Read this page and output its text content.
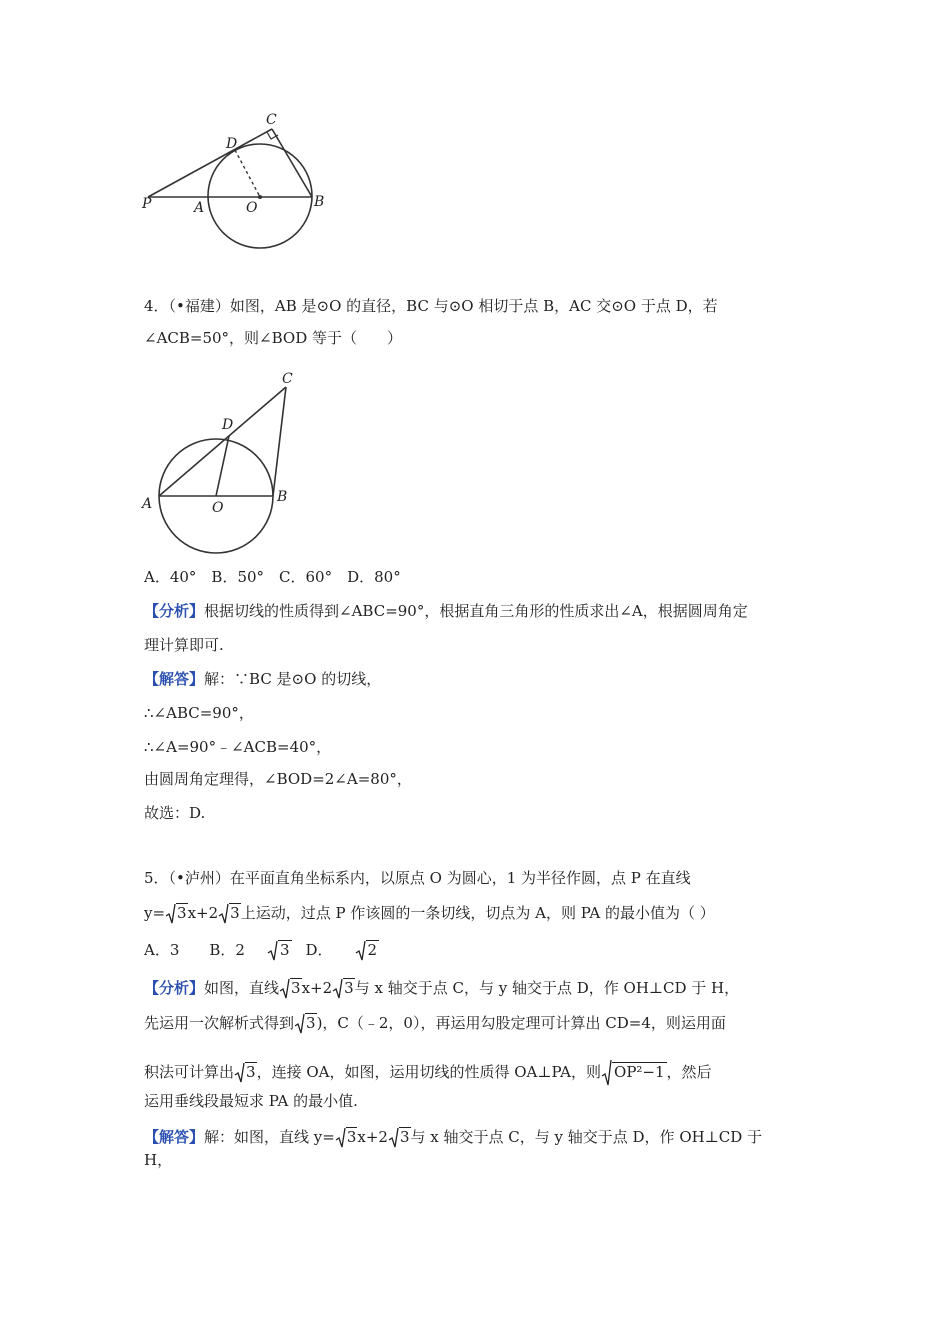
C
D
P	A	O	B
4．（•福建）如图，AB 是⊙O 的直径，BC 与⊙O 相切于点 B，AC 交⊙O 于点 D，若
∠ACB=50°，则∠BOD 等于（　　）
C
D
A	O
B
A．40°　B．50°　C．60°　D．80°
【分析】根据切线的性质得到∠ABC=90°，根据直角三角形的性质求出∠A，根据圆周角定
理计算即可.
【解答】解：∵BC 是⊙O 的切线，
∴∠ABC=90°，
∴∠A=90°﹣∠ACB=40°，
由圆周角定理得，∠BOD=2∠A=80°，
故选：D.
5．（•泸州）在平面直角坐标系内，以原点 O 为圆心，1 为半径作圆，点 P 在直线
y= 3x+2 3上运动，过点 P 作该圆的一条切线，切点为 A，则 PA 的最小值为（ ）
A．3 B．2 3 D． 2
【分析】如图，直线 3x+2 3与 x 轴交于点 C，与 y 轴交于点 D，作 OH⊥CD 于 H，
先运用一次解析式得到 3)，C（﹣2，0），再运用勾股定理可计算出 CD=4，则运用面
积法可计算出 3，连接 OA，如图，运用切线的性质得 OA⊥PA，则 OP²−1 ，然后
运用垂线段最短求 PA 的最小值.
【解答】解：如图，直线 y= 3x+2 3与 x 轴交于点 C，与 y 轴交于点 D，作 OH⊥CD 于
H，
